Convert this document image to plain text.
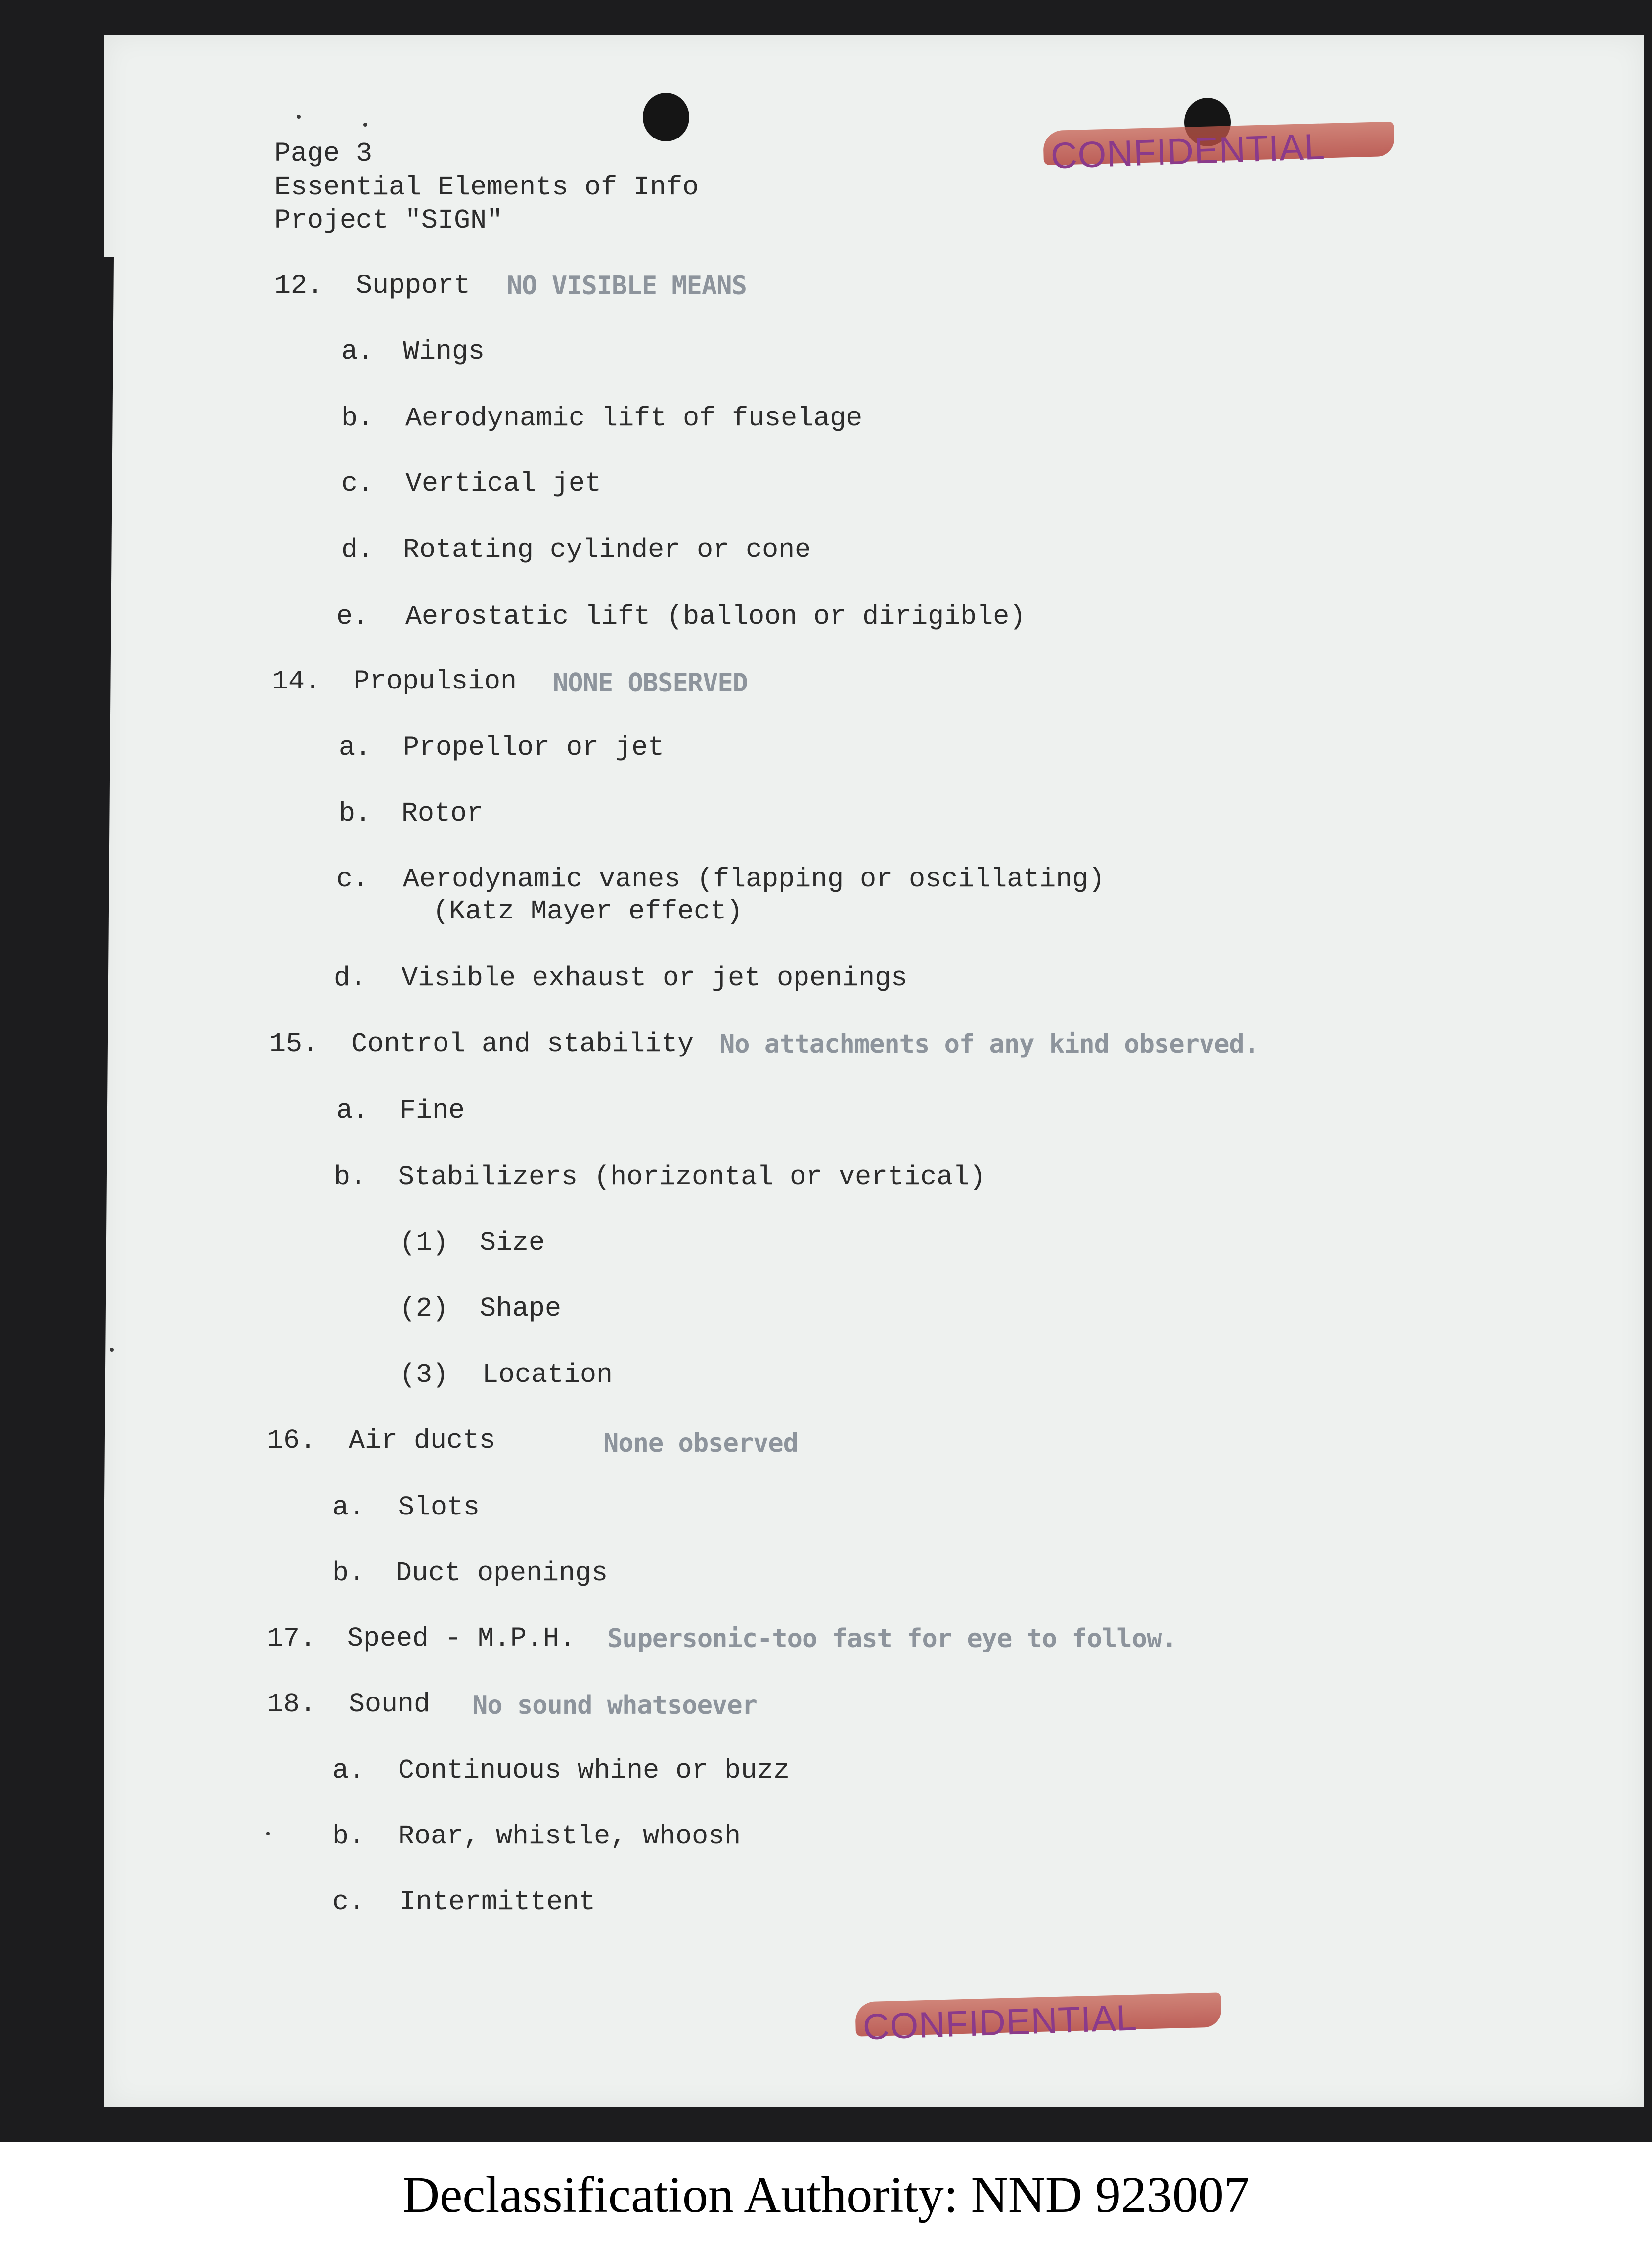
CONFIDENTIAL
Page 3
Essential Elements of Info
Project "SIGN"
12. Support NO VISIBLE MEANS
a. Wings
b. Aerodynamic lift of fuselage
c. Vertical jet
d. Rotating cylinder or cone
e. Aerostatic lift (balloon or dirigible)
14. Propulsion NONE OBSERVED
a. Propellor or jet
b. Rotor
c. Aerodynamic vanes (flapping or oscillating)
(Katz Mayer effect)
d. Visible exhaust or jet openings
15. Control and stability No attachments of any kind observed.
a. Fine
b. Stabilizers (horizontal or vertical)
(1) Size
(2) Shape
(3) Location
16. Air ducts	None observed
a. Slots
b. Duct openings
17. Speed - M.P.H. Supersonic-too fast for eye to follow.
18. Sound No sound whatsoever
a. Continuous whine or buzz
b. Roar, whistle, whoosh
c. Intermittent
CONFIDENTIAL
Declassification Authority: NND 923007
